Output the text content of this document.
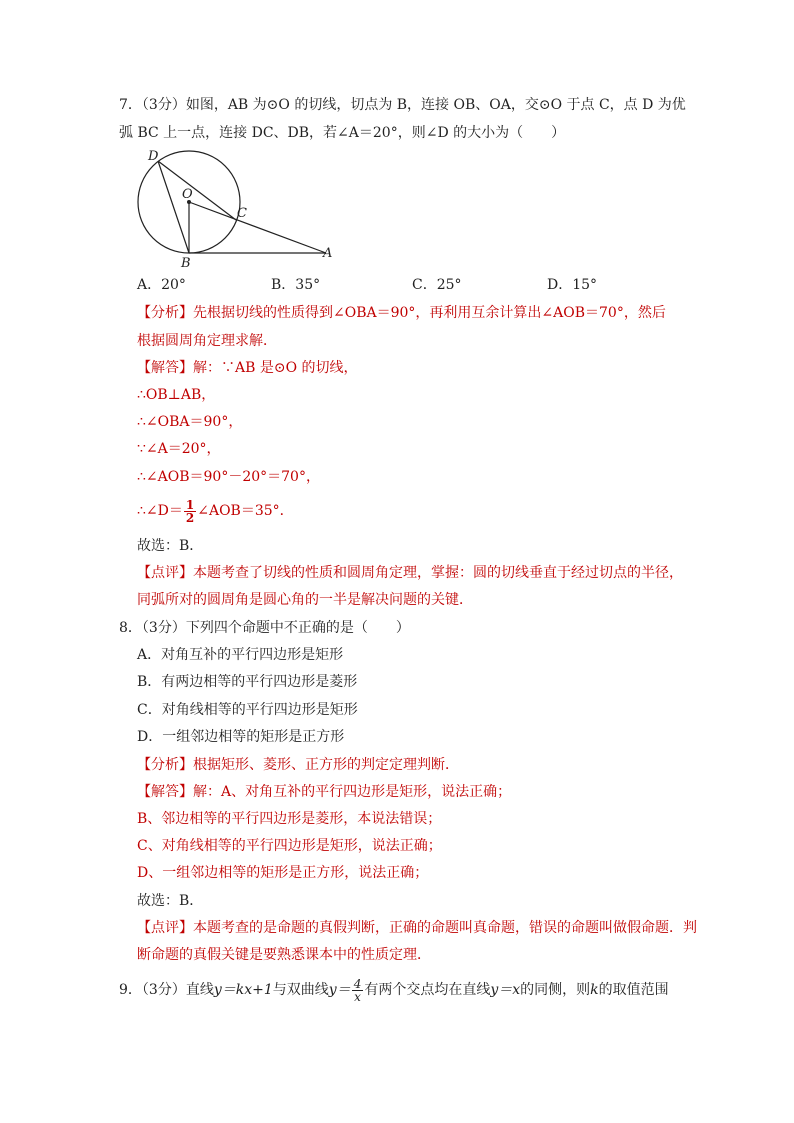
7．（3分）如图，AB 为⊙O 的切线，切点为 B，连接 OB、OA，交⊙O 于点 C，点 D 为优
弧 BC 上一点，连接 DC、DB，若∠A＝20°，则∠D 的大小为（　　）
D
O
C
B
A
A．20°	B．35°	C．25°	D．15°
【分析】先根据切线的性质得到∠OBA＝90°，再利用互余计算出∠AOB＝70°，然后
根据圆周角定理求解．
【解答】解：∵AB 是⊙O 的切线，
∴OB⊥AB，
∴∠OBA＝90°，
∵∠A＝20°，
∴∠AOB＝90°－20°＝70°，
∴∠D＝ $\frac{1}{2}$ ∠AOB＝35°．
故选：B．
【点评】本题考查了切线的性质和圆周角定理，掌握：圆的切线垂直于经过切点的半径，
同弧所对的圆周角是圆心角的一半是解决问题的关键．
8．（3分）下列四个命题中不正确的是（　　）
A．对角互补的平行四边形是矩形
B．有两边相等的平行四边形是菱形
C．对角线相等的平行四边形是矩形
D．一组邻边相等的矩形是正方形
【分析】根据矩形、菱形、正方形的判定定理判断．
【解答】解：A、对角互补的平行四边形是矩形，说法正确；
B、邻边相等的平行四边形是菱形，本说法错误；
C、对角线相等的平行四边形是矩形，说法正确；
D、一组邻边相等的矩形是正方形，说法正确；
故选：B．
【点评】本题考查的是命题的真假判断，正确的命题叫真命题，错误的命题叫做假命题．判
断命题的真假关键是要熟悉课本中的性质定理．
9．（3分）直线y＝kx+1与双曲线$y= \frac{4}{x}$ 有两个交点均在直线y＝x的同侧，则k的取值范围
